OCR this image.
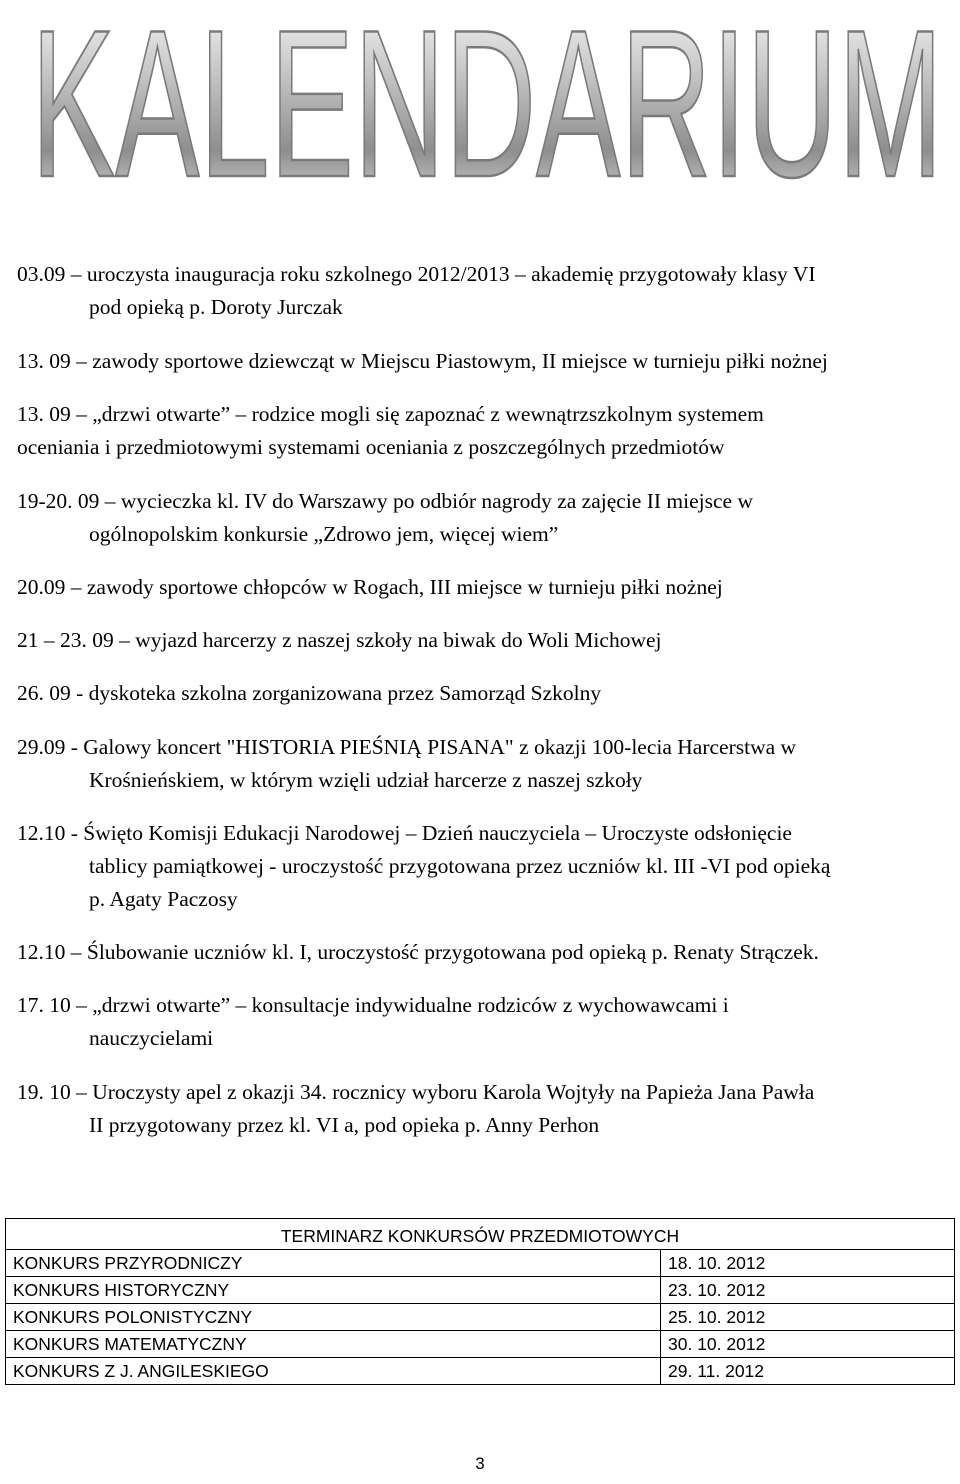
KALENDARIUM
03.09 – uroczysta inauguracja roku szkolnego 2012/2013 – akademię przygotowały klasy VI
pod opieką p. Doroty Jurczak
13. 09 – zawody sportowe dziewcząt w Miejscu Piastowym, II miejsce w turnieju piłki nożnej
13. 09 – „drzwi otwarte” – rodzice mogli się zapoznać z wewnątrzszkolnym systemem
oceniania i przedmiotowymi systemami oceniania z poszczególnych przedmiotów
19-20. 09 – wycieczka kl. IV do Warszawy po odbiór nagrody za zajęcie II miejsce w
ogólnopolskim konkursie „Zdrowo jem, więcej wiem”
20.09 – zawody sportowe chłopców w Rogach, III miejsce w turnieju piłki nożnej
21 – 23. 09 – wyjazd harcerzy z naszej szkoły na biwak do Woli Michowej
26. 09 - dyskoteka szkolna zorganizowana przez Samorząd Szkolny
29.09 - Galowy koncert "HISTORIA PIEŚNIĄ PISANA" z okazji 100-lecia Harcerstwa w
Krośnieńskiem, w którym wzięli udział harcerze z naszej szkoły
12.10 - Święto Komisji Edukacji Narodowej – Dzień nauczyciela – Uroczyste odsłonięcie
tablicy pamiątkowej - uroczystość przygotowana przez uczniów kl. III -VI pod opieką
p. Agaty Paczosy
12.10 – Ślubowanie uczniów kl. I, uroczystość przygotowana pod opieką p. Renaty Strączek.
17. 10 – „drzwi otwarte” – konsultacje indywidualne rodziców z wychowawcami i
nauczycielami
19. 10 – Uroczysty apel z okazji 34. rocznicy wyboru Karola Wojtyły na Papieża Jana Pawła
II przygotowany przez kl. VI a, pod opieka p. Anny Perhon
TERMINARZ KONKURSÓW PRZEDMIOTOWYCH	
KONKURS PRZYRODNICZY	18. 10. 2012
KONKURS HISTORYCZNY	23. 10. 2012
KONKURS POLONISTYCZNY	25. 10. 2012
KONKURS MATEMATYCZNY	30. 10. 2012
KONKURS Z J. ANGILESKIEGO	29. 11. 2012
3
